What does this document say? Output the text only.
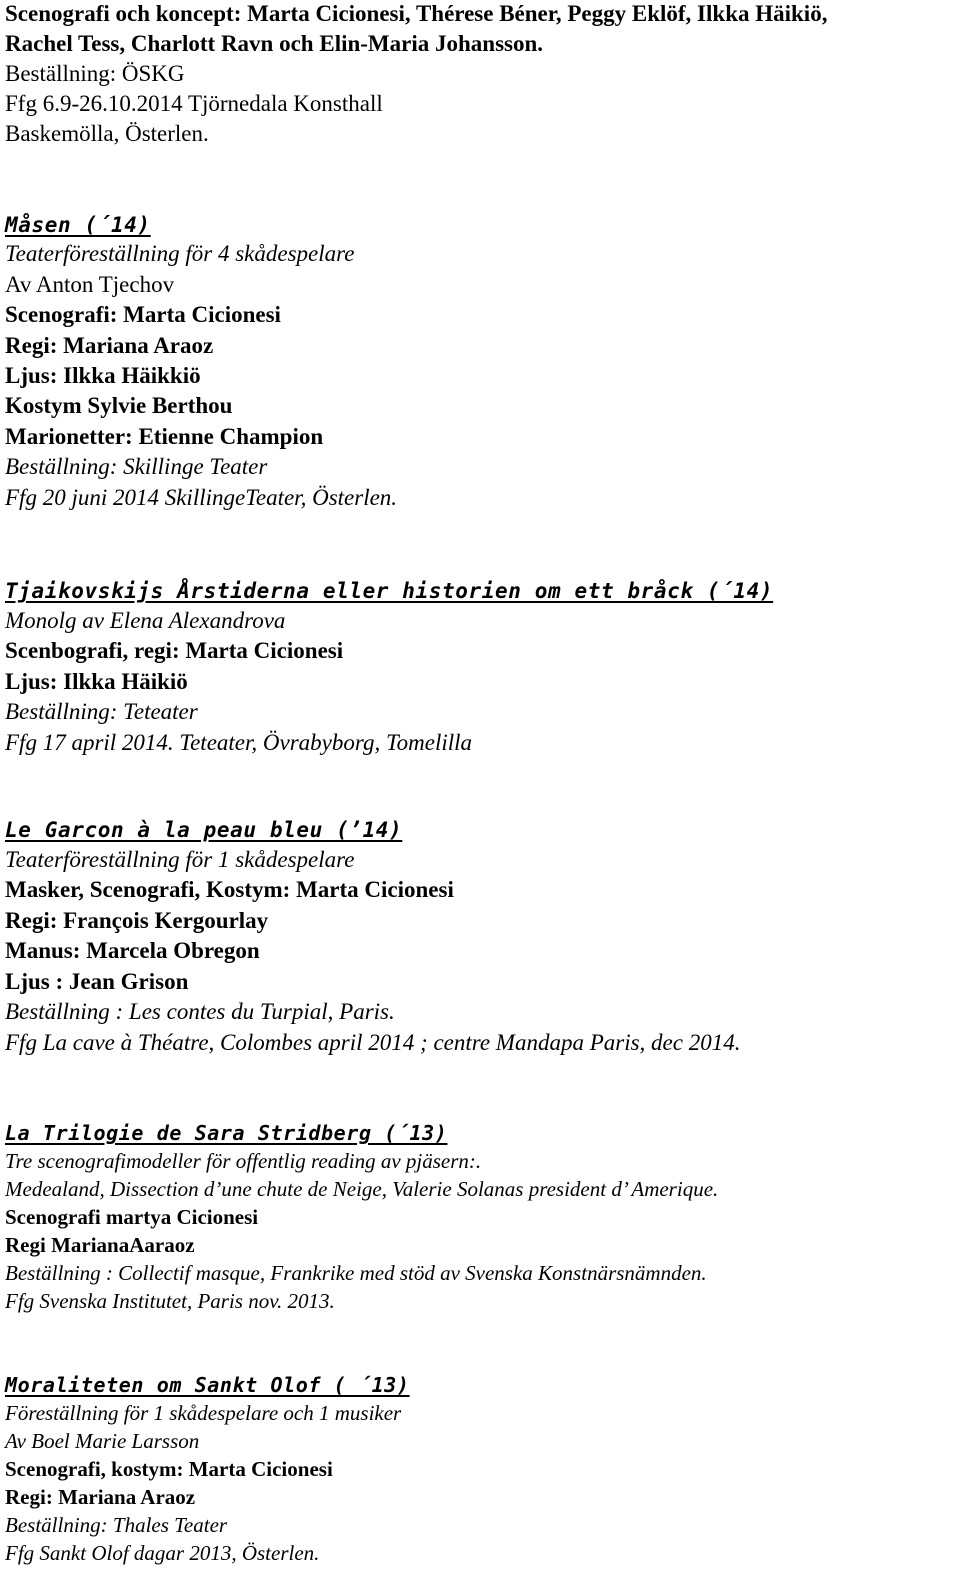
Scenografi och koncept: Marta Cicionesi, Thérese Béner, Peggy Eklöf, Ilkka Häikiö,
Rachel Tess, Charlott Ravn och Elin-Maria Johansson.
Beställning: ÖSKG
Ffg 6.9-26.10.2014 Tjörnedala Konsthall
Baskemölla, Österlen.
Måsen (´14)
Teaterföreställning för 4 skådespelare
Av Anton Tjechov
Scenografi: Marta Cicionesi
Regi: Mariana Araoz
Ljus: Ilkka Häikkiö
Kostym Sylvie Berthou
Marionetter: Etienne Champion
Beställning: Skillinge Teater
Ffg 20 juni 2014 SkillingeTeater, Österlen.
Tjaikovskijs Årstiderna eller historien om ett bråck (´14)
Monolg av Elena Alexandrova
Scenbografi, regi: Marta Cicionesi
Ljus: Ilkka Häikiö
Beställning: Teteater
Ffg 17 april 2014. Teteater, Övrabyborg, Tomelilla
Le Garcon à la peau bleu (’14)
Teaterföreställning för 1 skådespelare
Masker, Scenografi, Kostym: Marta Cicionesi
Regi: François Kergourlay
Manus: Marcela Obregon
Ljus : Jean Grison
Beställning : Les contes du Turpial, Paris.
Ffg La cave à Théatre, Colombes april 2014 ; centre Mandapa Paris, dec 2014.
La Trilogie de Sara Stridberg (´13)
Tre scenografimodeller för offentlig reading av pjäsern:.
Medealand, Dissection d’une chute de Neige, Valerie Solanas president d’ Amerique.
Scenografi martya Cicionesi
Regi MarianaAaraoz
Beställning : Collectif masque, Frankrike med stöd av Svenska Konstnärsnämnden.
Ffg Svenska Institutet, Paris nov. 2013.
Moraliteten om Sankt Olof ( ´13)
Föreställning för 1 skådespelare och 1 musiker
Av Boel Marie Larsson
Scenografi, kostym: Marta Cicionesi
Regi: Mariana Araoz
Beställning: Thales Teater
Ffg Sankt Olof dagar 2013, Österlen.
